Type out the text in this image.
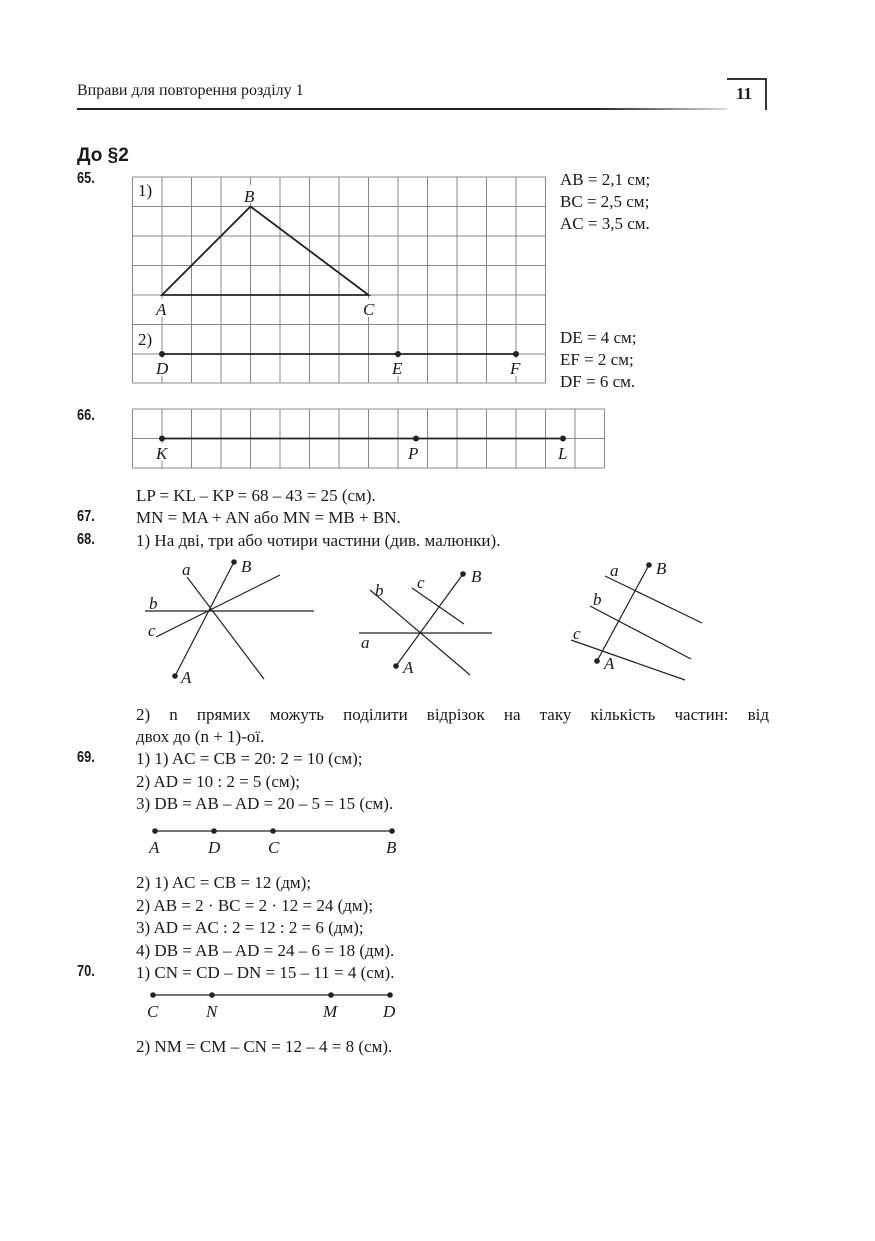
Вправи для повторення розділу 1	11
До §2
65.
1)
2)
A
B
C
D	E	F
AB = 2,1 см;
BC = 2,5 см;
AC = 3,5 см.
DE = 4 см;
EF = 2 см;
DF = 6 см.
66.
K	P	L
LP = KL – KP = 68 – 43 = 25 (см).
67. MN = MA + AN або MN = MB + BN.
68. 1) На дві, три або чотири частини (див. малюнки).
a	B
b
c
A
b c	B
a
A
a B
b
c
A
2) n прямих можуть поділити відрізок на таку кількість частин: від
двох до (n + 1)-ої.
69. 1) 1) AC = CB = 20: 2 = 10 (см);
2) AD = 10 : 2 = 5 (см);
3) DB = AB – AD = 20 – 5 = 15 (см).
A	D	C	B
2) 1) AC = CB = 12 (дм);
2) AB = 2 · BC = 2 · 12 = 24 (дм);
3) AD = AC : 2 = 12 : 2 = 6 (дм);
4) DB = AB – AD = 24 – 6 = 18 (дм).
70. 1) CN = CD – DN = 15 – 11 = 4 (см).
C	N	M	D
2) NM = CM – CN = 12 – 4 = 8 (см).
